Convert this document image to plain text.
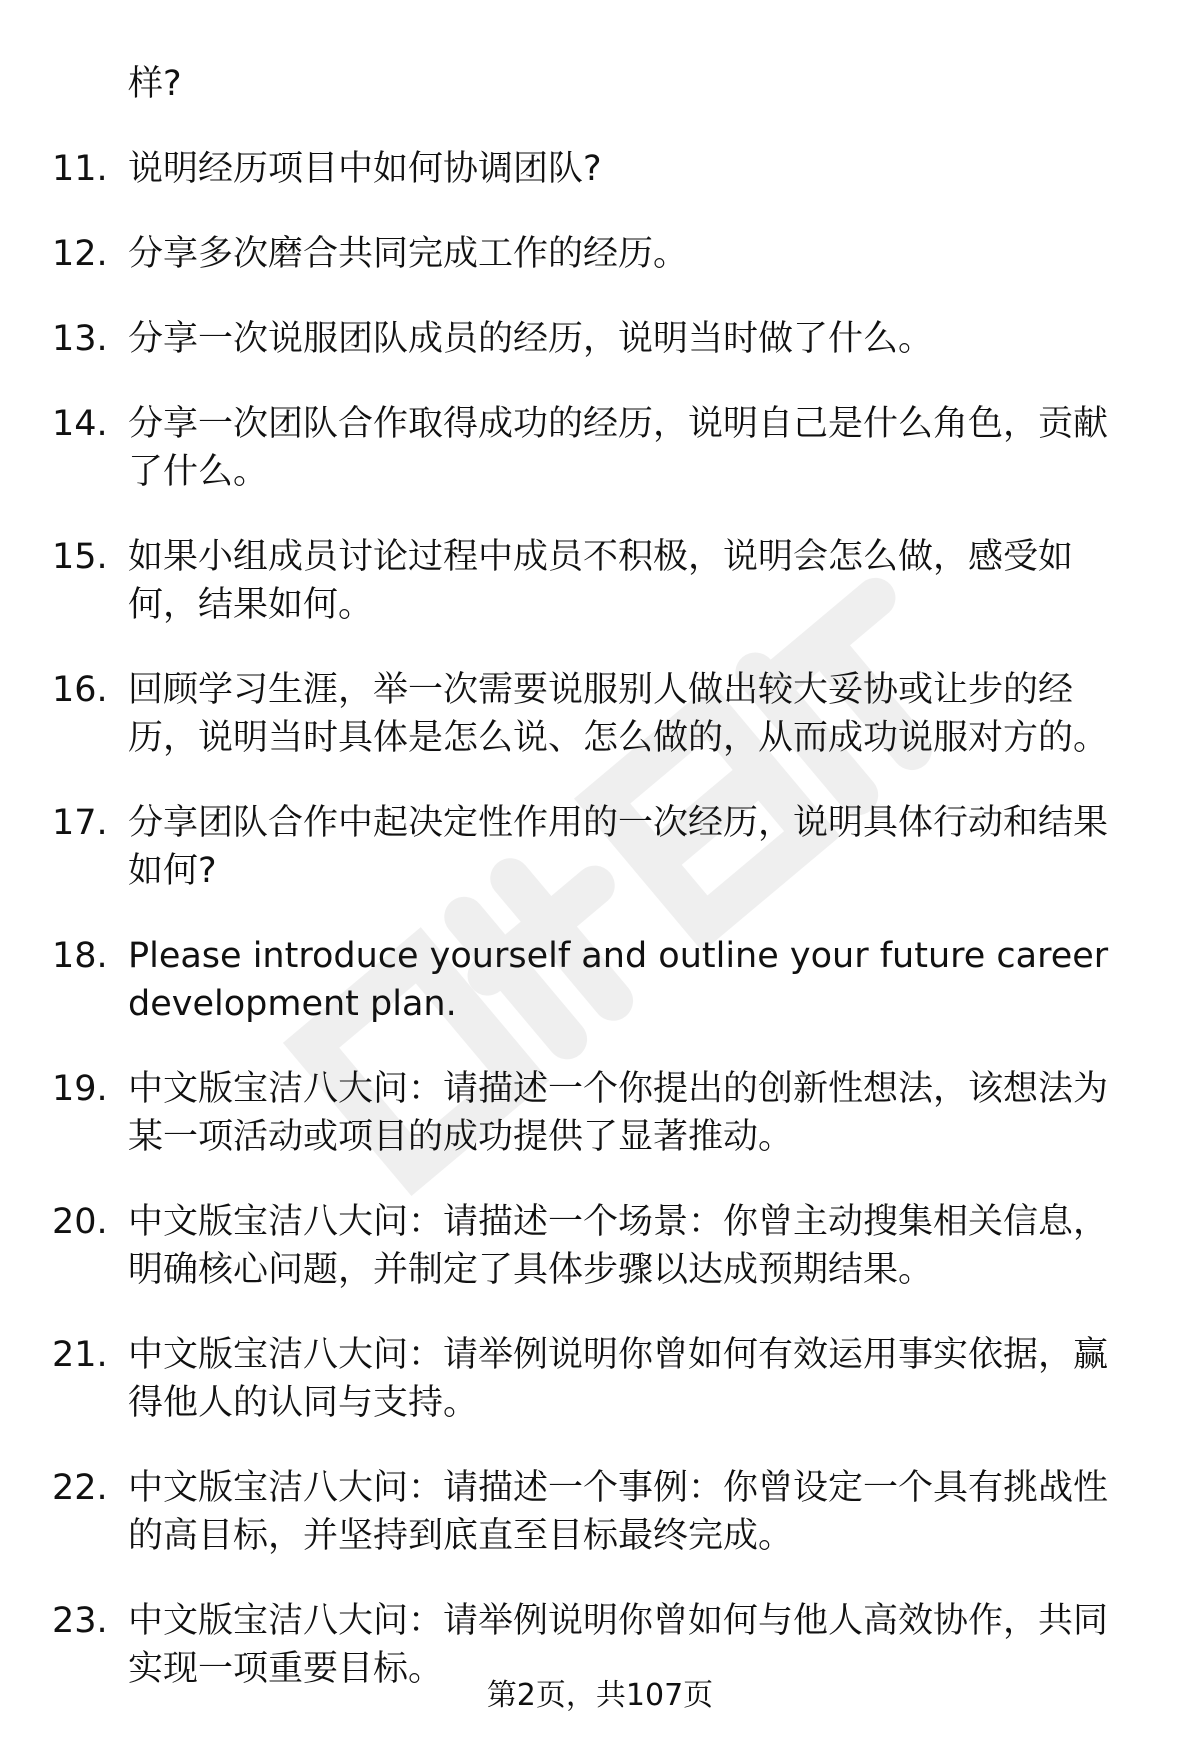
样?

11. 说明经历项目中如何协调团队?
12. 分享多次磨合共同完成工作的经历。
13. 分享一次说服团队成员的经历，说明当时做了什么。
14. 分享一次团队合作取得成功的经历，说明自己是什么角色，贡献了什么。
15. 如果小组成员讨论过程中成员不积极，说明会怎么做，感受如何，结果如何。
16. 回顾学习生涯，举一次需要说服别人做出较大妥协或让步的经历，说明当时具体是怎么说、怎么做的，从而成功说服对方的。
17. 分享团队合作中起决定性作用的一次经历，说明具体行动和结果如何?
18. Please introduce yourself and outline your future career development plan.
19. 中文版宝洁八大问：请描述一个你提出的创新性想法，该想法为某一项活动或项目的成功提供了显著推动。
20. 中文版宝洁八大问：请描述一个场景：你曾主动搜集相关信息，明确核心问题，并制定了具体步骤以达成预期结果。
21. 中文版宝洁八大问：请举例说明你曾如何有效运用事实依据，赢得他人的认同与支持。
22. 中文版宝洁八大问：请描述一个事例：你曾设定一个具有挑战性的高目标，并坚持到底直至目标最终完成。
23. 中文版宝洁八大问：请举例说明你曾如何与他人高效协作，共同实现一项重要目标。
第2页，共107页
